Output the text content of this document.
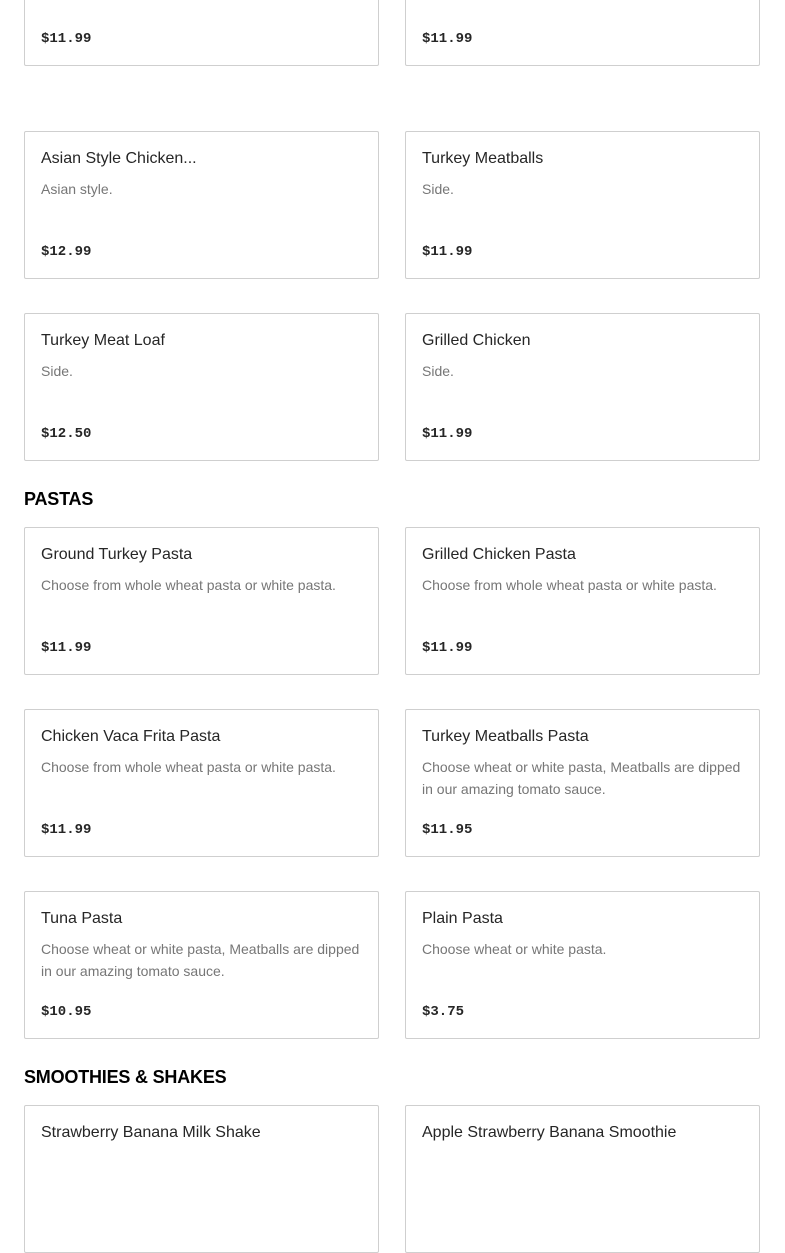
$11.99	$11.99
Asian Style Chicken...
Asian style.
$12.99
Turkey Meatballs
Side.
$11.99
Turkey Meat Loaf
Side.
$12.50
Grilled Chicken
Side.
$11.99
PASTAS
Ground Turkey Pasta
Choose from whole wheat pasta or white pasta.
$11.99
Grilled Chicken Pasta
Choose from whole wheat pasta or white pasta.
$11.99
Chicken Vaca Frita Pasta
Choose from whole wheat pasta or white pasta.
$11.99
Turkey Meatballs Pasta
Choose wheat or white pasta, Meatballs are dipped in our amazing tomato sauce.
$11.95
Tuna Pasta
Choose wheat or white pasta, Meatballs are dipped in our amazing tomato sauce.
$10.95
Plain Pasta
Choose wheat or white pasta.
$3.75
SMOOTHIES & SHAKES
Strawberry Banana Milk Shake	Apple Strawberry Banana Smoothie
